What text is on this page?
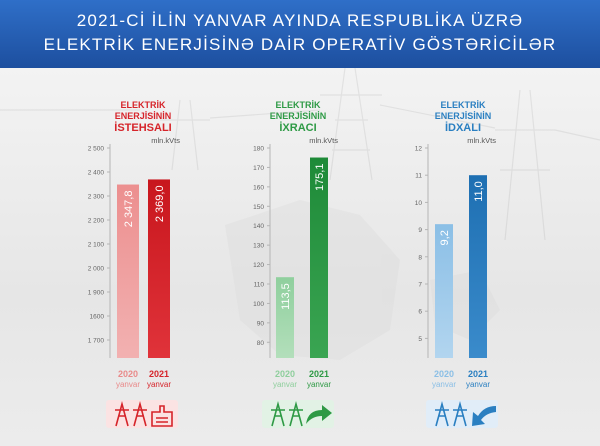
2021-Cİ İLİN YANVAR AYINDA RESPUBLİKA ÜZRƏ
ELEKTRİK ENERJİSİNƏ DAİR OPERATİV GÖSTƏRİCİLƏR
ELEKTRİK
ENERJİSİNİN
İSTEHSALI
ELEKTRİK
ENERJİSİNİN
İXRACI
ELEKTRİK
ENERJİSİNİN
İDXALI
1 700
1600
1 900
2 000
2 100
2 200
2 300
2 400
2 500
mln.kVts
2 347,8
2020
yanvar
2 369,0
2021
yanvar
80
90
100
110
120
130
140
150
160
170
180
mln.kVts
113,5
2020
yanvar
175,1
2021
yanvar
5
6
7
8
9
10
11
12
mln.kVts
9,2
2020
yanvar
11,0
2021
yanvar
